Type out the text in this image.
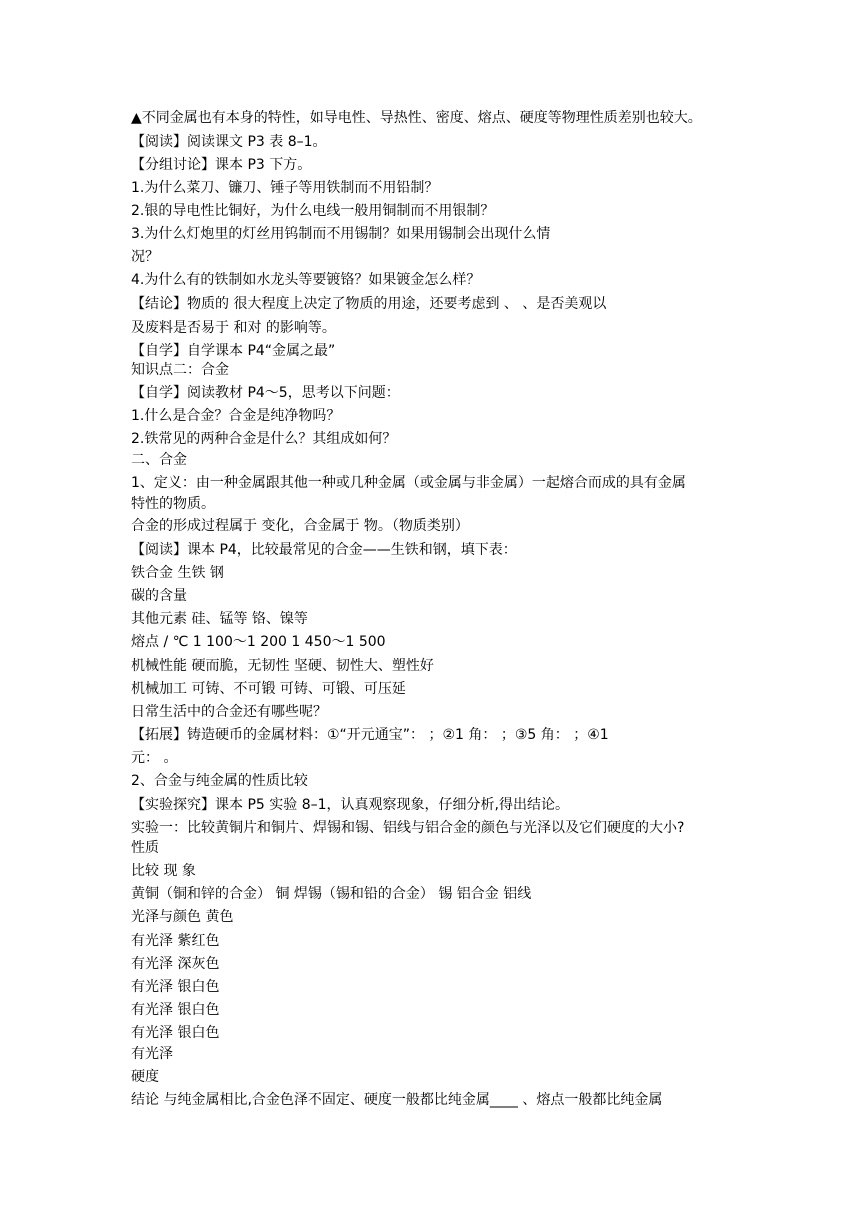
▲不同金属也有本身的特性，如导电性、导热性、密度、熔点、硬度等物理性质差别也较大。
【阅读】阅读课文 P3 表 8–1。
【分组讨论】课本 P3 下方。
1.为什么菜刀、镰刀、锤子等用铁制而不用铅制？
2.银的导电性比铜好，为什么电线一般用铜制而不用银制？
3.为什么灯炮里的灯丝用钨制而不用锡制？如果用锡制会出现什么情
况？
4.为什么有的铁制如水龙头等要镀铬？如果镀金怎么样？
【结论】物质的 很大程度上决定了物质的用途，还要考虑到 、 、是否美观以
及废料是否易于 和对 的影响等。
【自学】自学课本 P4“金属之最”
知识点二：合金
【自学】阅读教材 P4～5，思考以下问题：
1.什么是合金？合金是纯净物吗？
2.铁常见的两种合金是什么？其组成如何？
二、合金
1、定义：由一种金属跟其他一种或几种金属（或金属与非金属）一起熔合而成的具有金属
特性的物质。
合金的形成过程属于 变化，合金属于 物。（物质类别）
【阅读】课本 P4，比较最常见的合金——生铁和钢，填下表：
铁合金 生铁 钢
碳的含量
其他元素 硅、锰等 铬、镍等
熔点 / ℃ 1 100～1 200 1 450～1 500
机械性能 硬而脆，无韧性 坚硬、韧性大、塑性好
机械加工 可铸、不可锻 可铸、可锻、可压延
日常生活中的合金还有哪些呢？
【拓展】铸造硬币的金属材料：①“开元通宝”： ；②1 角： ；③5 角： ；④1
元： 。
2、合金与纯金属的性质比较
【实验探究】课本 P5 实验 8–1，认真观察现象，仔细分析,得出结论。
实验一：比较黄铜片和铜片、焊锡和锡、铝线与铝合金的颜色与光泽以及它们硬度的大小?
性质
比较 现 象
黄铜（铜和锌的合金） 铜 焊锡（锡和铅的合金） 锡 铝合金 铝线
光泽与颜色 黄色
有光泽 紫红色
有光泽 深灰色
有光泽 银白色
有光泽 银白色
有光泽 银白色
有光泽
硬度
结论 与纯金属相比,合金色泽不固定、硬度一般都比纯金属____ 、熔点一般都比纯金属
